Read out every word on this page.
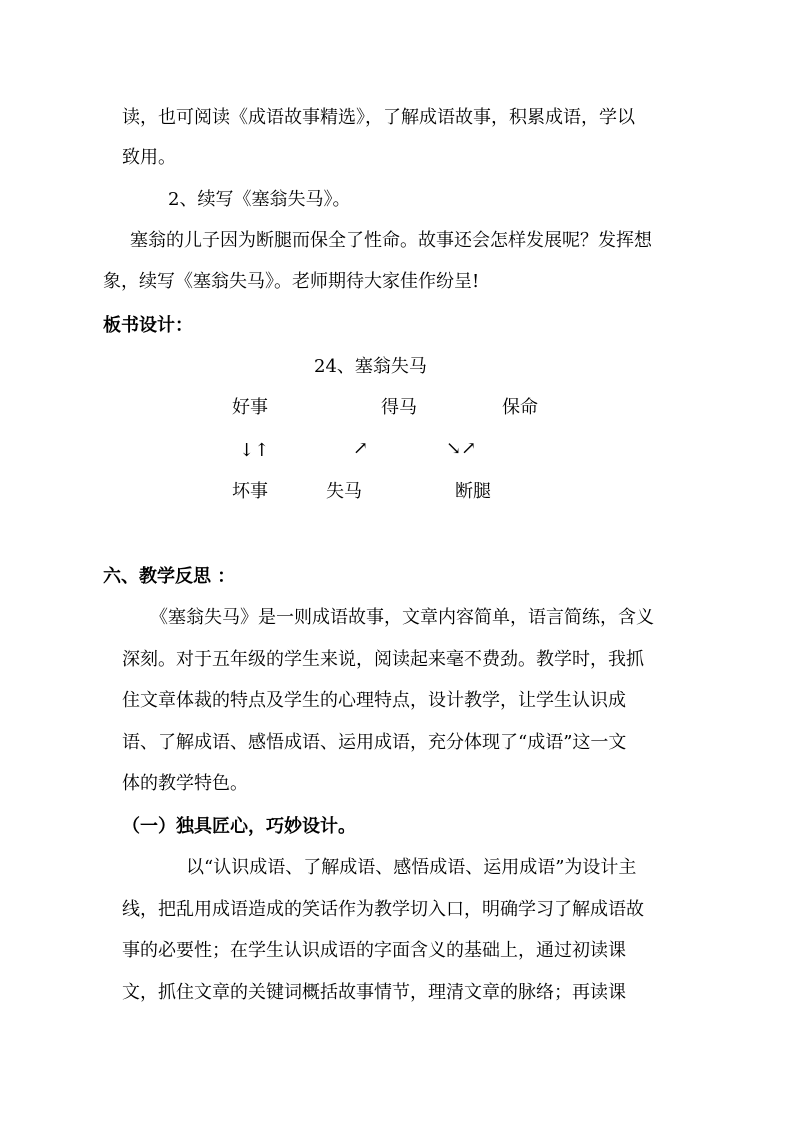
读，也可阅读《成语故事精选》，了解成语故事，积累成语，学以
致用。
2、续写《塞翁失马》。
塞翁的儿子因为断腿而保全了性命。故事还会怎样发展呢？发挥想
象，续写《塞翁失马》。老师期待大家佳作纷呈!
板书设计：
24、塞翁失马
好事	得马	保命
↓↑	↗	↘↗
坏事	失马	断腿
六、教学反思 ：
《塞翁失马》是一则成语故事，文章内容简单，语言简练，含义
深刻。对于五年级的学生来说，阅读起来毫不费劲。教学时，我抓
住文章体裁的特点及学生的心理特点，设计教学，让学生认识成
语、了解成语、感悟成语、运用成语，充分体现了“成语”这一文
体的教学特色。
（一）独具匠心，巧妙设计。
以“认识成语、了解成语、感悟成语、运用成语”为设计主
线，把乱用成语造成的笑话作为教学切入口，明确学习了解成语故
事的必要性；在学生认识成语的字面含义的基础上，通过初读课
文，抓住文章的关键词概括故事情节，理清文章的脉络；再读课
